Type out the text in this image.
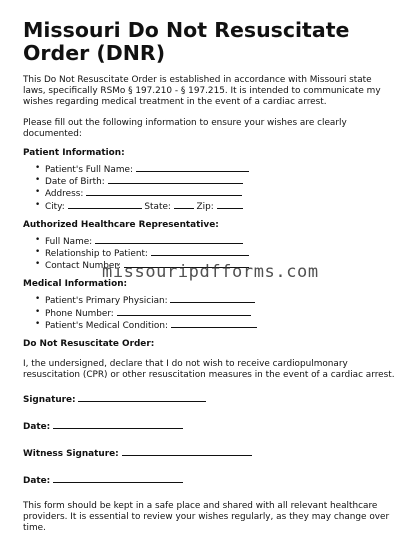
Missouri Do Not Resuscitate Order (DNR)

This Do Not Resuscitate Order is established in accordance with Missouri state laws, specifically RSMo § 197.210 - § 197.215. It is intended to communicate my wishes regarding medical treatment in the event of a cardiac arrest.

Please fill out the following information to ensure your wishes are clearly documented:

Patient Information:
• Patient's Full Name:
• Date of Birth:
• Address:
• City:	State:	Zip:
Authorized Healthcare Representative:
• Full Name:
• Relationship to Patient:
• Contact Number:
Medical Information:
• Patient's Primary Physician:
• Phone Number:
• Patient's Medical Condition:
Do Not Resuscitate Order:

I, the undersigned, declare that I do not wish to receive cardiopulmonary resuscitation (CPR) or other resuscitation measures in the event of a cardiac arrest.

Signature:
Date:
Witness Signature:
Date:

This form should be kept in a safe place and shared with all relevant healthcare providers. It is essential to review your wishes regularly, as they may change over time.

missouripdfforms.com
